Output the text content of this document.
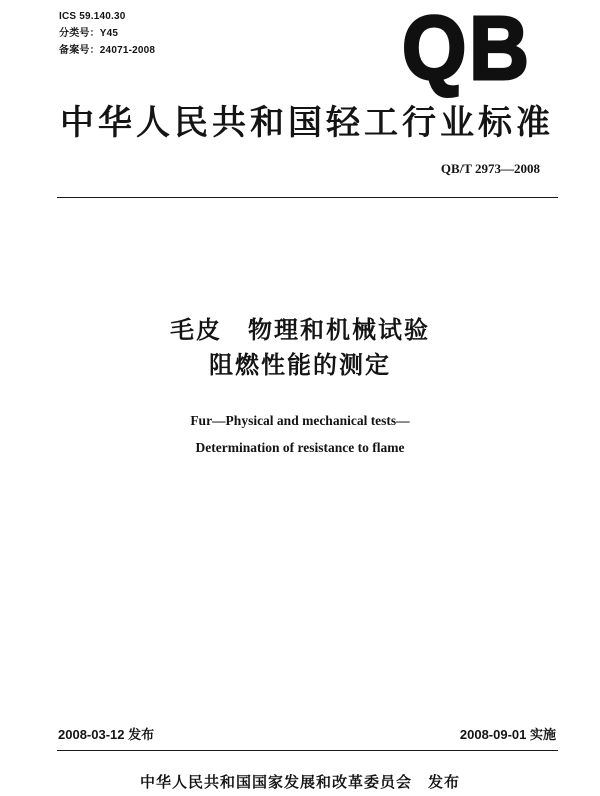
ICS 59.140.30
分类号：Y45
备案号：24071-2008	QB
中华人民共和国轻工行业标准
QB/T 2973—2008
毛皮　物理和机械试验
阻燃性能的测定
Fur—Physical and mechanical tests—
Determination of resistance to flame
2008-03-12 发布	2008-09-01 实施
中华人民共和国国家发展和改革委员会　发布
